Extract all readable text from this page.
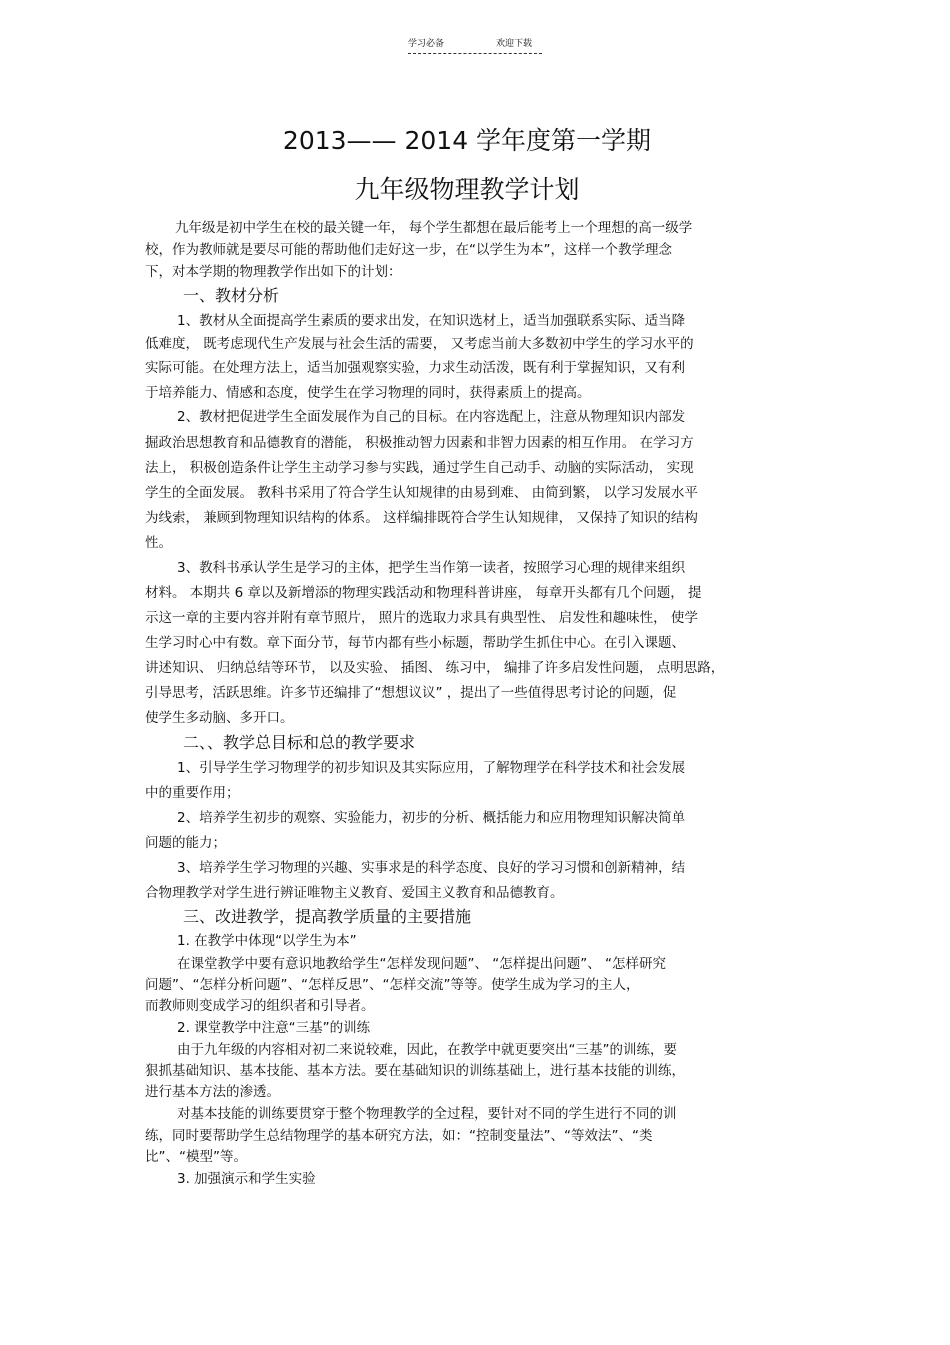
学习必备	欢迎下载
2013—— 2014 学年度第一学期
九年级物理教学计划
九年级是初中学生在校的最关键一年， 每个学生都想在最后能考上一个理想的高一级学
校，作为教师就是要尽可能的帮助他们走好这一步，在“以学生为本”，这样一个教学理念
下，对本学期的物理教学作出如下的计划：
一、教材分析
1、教材从全面提高学生素质的要求出发，在知识选材上，适当加强联系实际、适当降
低难度， 既考虑现代生产发展与社会生活的需要， 又考虑当前大多数初中学生的学习水平的
实际可能。在处理方法上，适当加强观察实验，力求生动活泼，既有利于掌握知识，又有利
于培养能力、情感和态度，使学生在学习物理的同时，获得素质上的提高。
2、教材把促进学生全面发展作为自己的目标。在内容选配上，注意从物理知识内部发
掘政治思想教育和品德教育的潜能， 积极推动智力因素和非智力因素的相互作用。 在学习方
法上， 积极创造条件让学生主动学习参与实践，通过学生自己动手、动脑的实际活动， 实现
学生的全面发展。 教科书采用了符合学生认知规律的由易到难、 由简到繁， 以学习发展水平
为线索， 兼顾到物理知识结构的体系。 这样编排既符合学生认知规律， 又保持了知识的结构
性。
3、教科书承认学生是学习的主体，把学生当作第一读者，按照学习心理的规律来组织
材料。 本期共 6 章以及新增添的物理实践活动和物理科普讲座， 每章开头都有几个问题， 提
示这一章的主要内容并附有章节照片， 照片的选取力求具有典型性、 启发性和趣味性， 使学
生学习时心中有数。章下面分节，每节内都有些小标题，帮助学生抓住中心。在引入课题、
讲述知识、 归纳总结等环节， 以及实验、 插图、 练习中， 编排了许多启发性问题， 点明思路，
引导思考，活跃思维。许多节还编排了“想想议议” ，提出了一些值得思考讨论的问题，促
使学生多动脑、多开口。
二、、教学总目标和总的教学要求
1、引导学生学习物理学的初步知识及其实际应用，了解物理学在科学技术和社会发展
中的重要作用；
2、培养学生初步的观察、实验能力，初步的分析、概括能力和应用物理知识解决简单
问题的能力；
3、培养学生学习物理的兴趣、实事求是的科学态度、良好的学习习惯和创新精神，结
合物理教学对学生进行辨证唯物主义教育、爱国主义教育和品德教育。
三、改进教学，提高教学质量的主要措施
1. 在教学中体现“以学生为本”
在课堂教学中要有意识地教给学生“怎样发现问题”、 “怎样提出问题”、 “怎样研究
问题”、“怎样分析问题”、“怎样反思”、“怎样交流”等等。使学生成为学习的主人，
而教师则变成学习的组织者和引导者。
2. 课堂教学中注意“三基”的训练
由于九年级的内容相对初二来说较难，因此，在教学中就更要突出“三基”的训练，要
狠抓基础知识、基本技能、基本方法。要在基础知识的训练基础上，进行基本技能的训练，
进行基本方法的渗透。
对基本技能的训练要贯穿于整个物理教学的全过程，要针对不同的学生进行不同的训
练，同时要帮助学生总结物理学的基本研究方法，如：“控制变量法”、“等效法”、“类
比”、“模型”等。
3. 加强演示和学生实验
